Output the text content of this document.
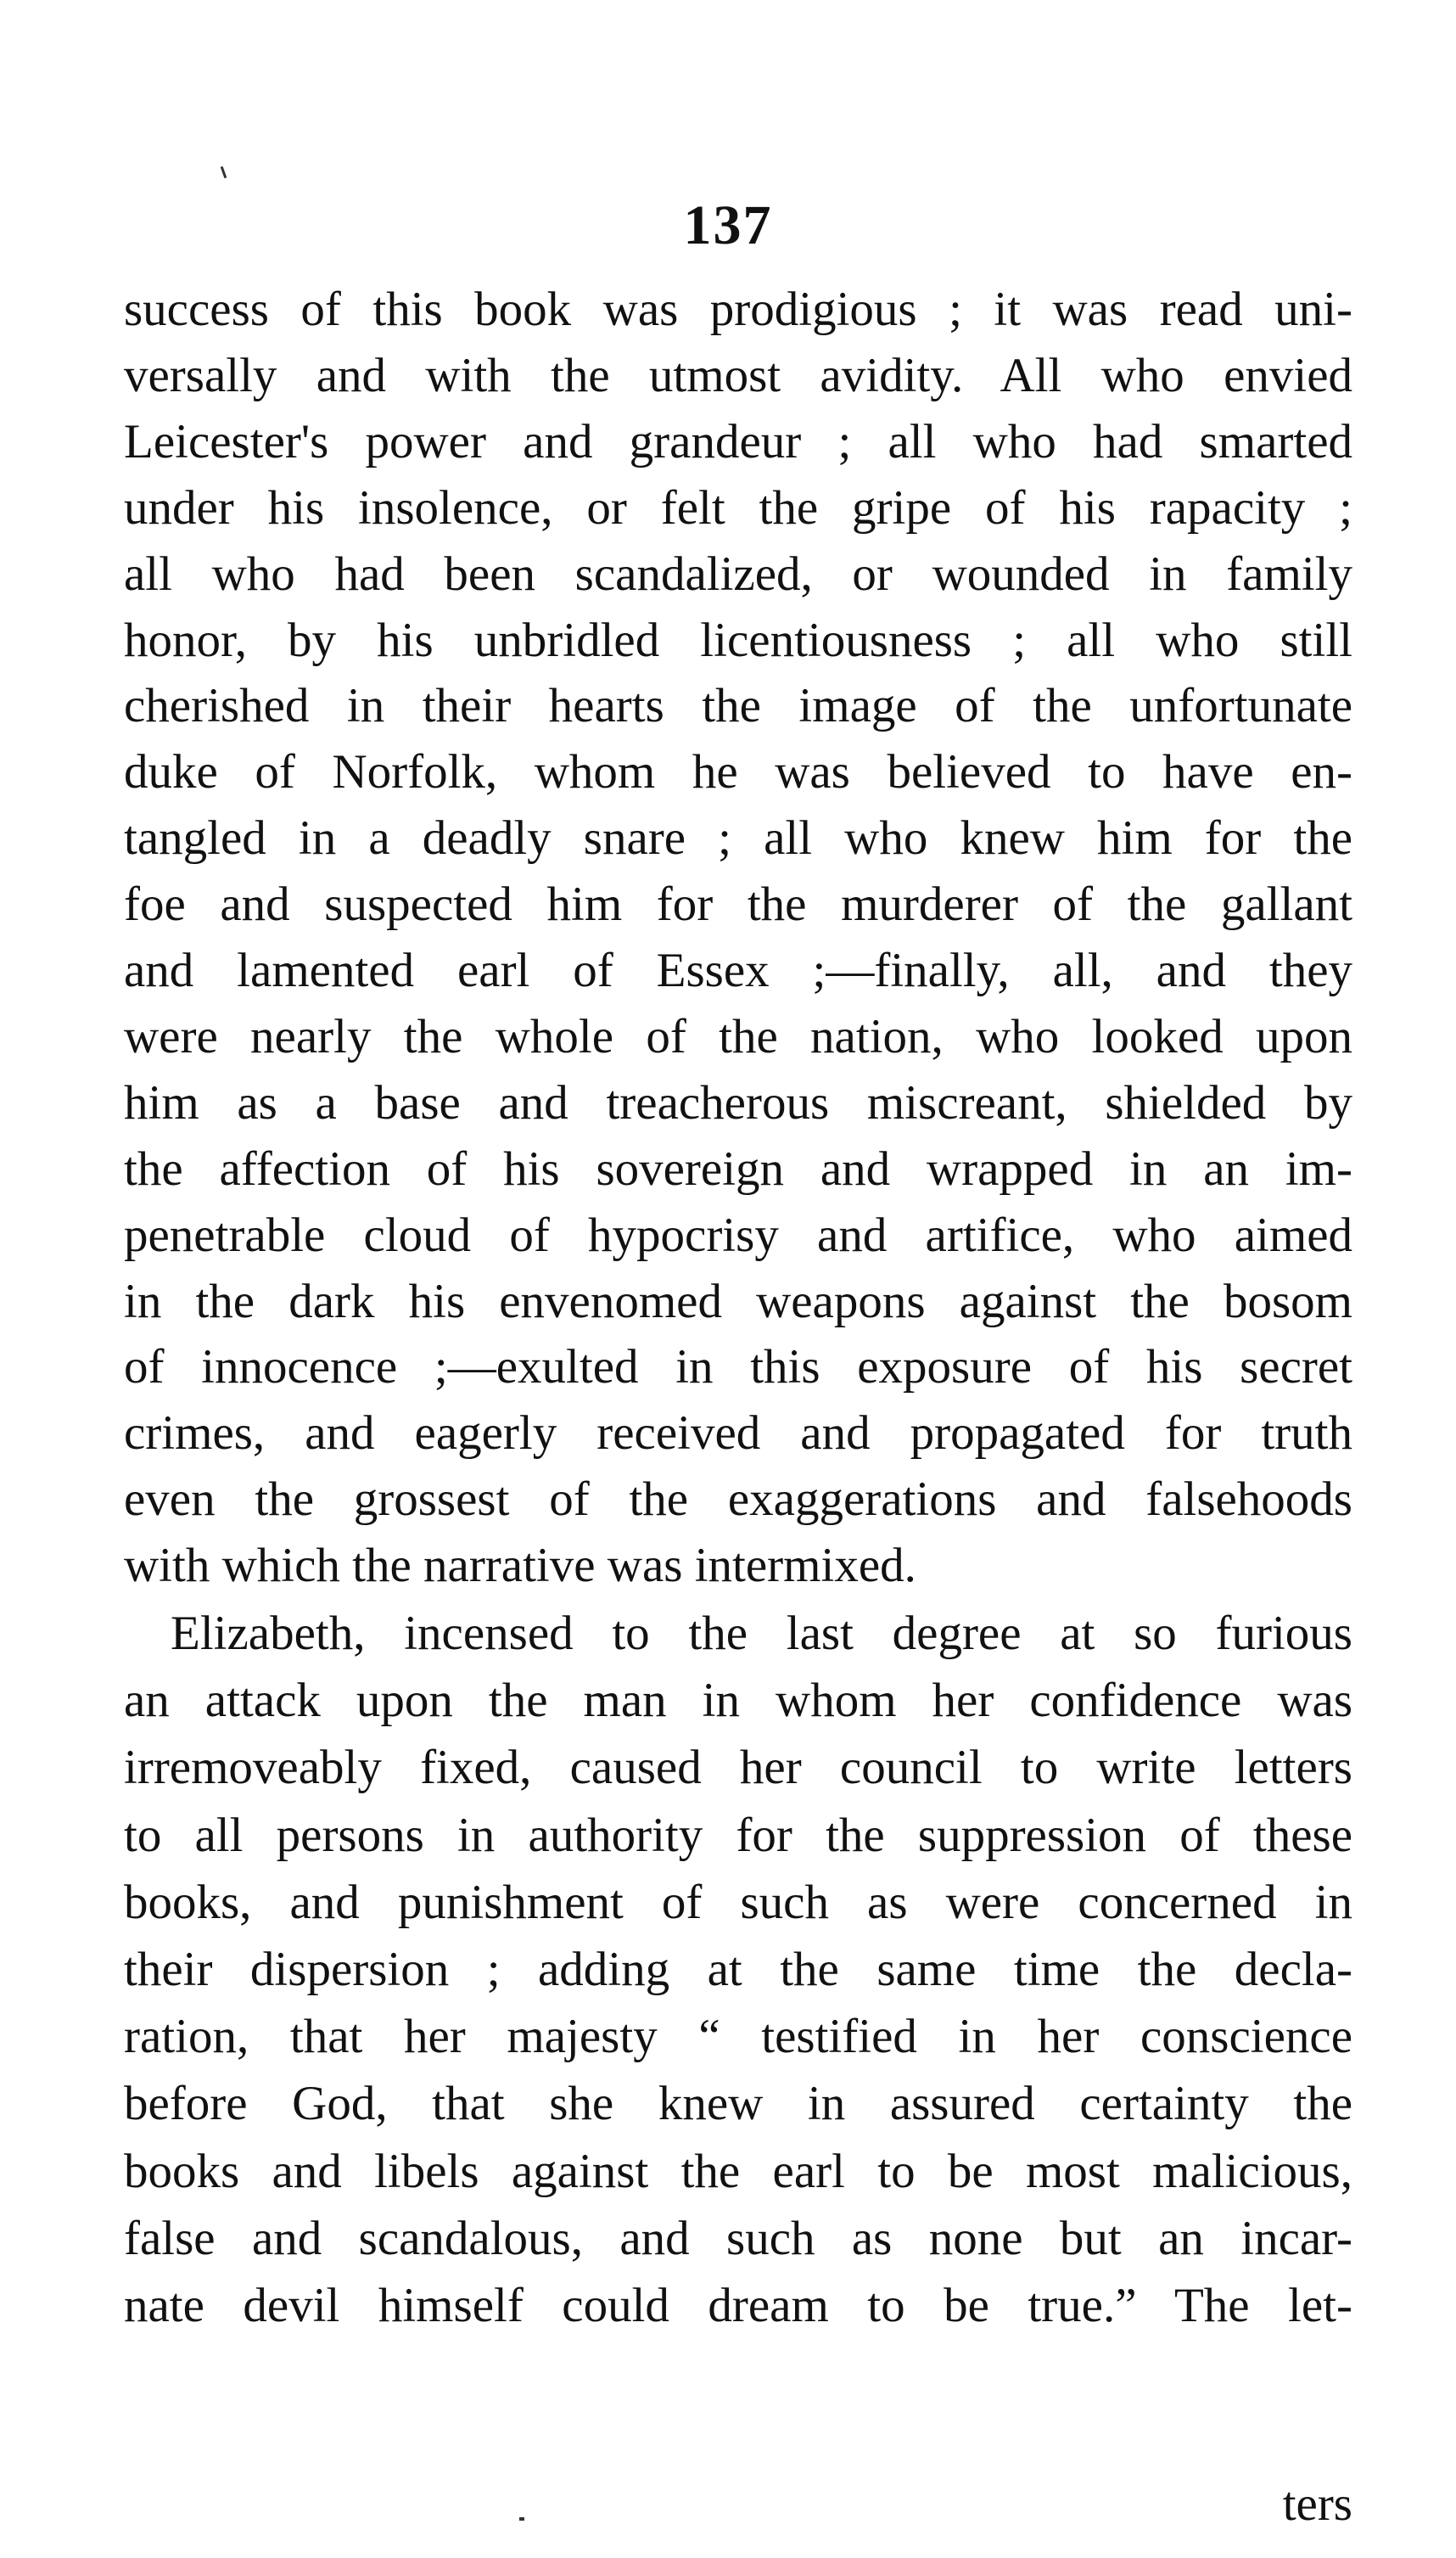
137
success of this book was prodigious ; it was read uni-
versally and with the utmost avidity. All who envied
Leicester's power and grandeur ; all who had smarted
under his insolence, or felt the gripe of his rapacity ;
all who had been scandalized, or wounded in family
honor, by his unbridled licentiousness ; all who still
cherished in their hearts the image of the unfortunate
duke of Norfolk, whom he was believed to have en-
tangled in a deadly snare ; all who knew him for the
foe and suspected him for the murderer of the gallant
and lamented earl of Essex ;—finally, all, and they
were nearly the whole of the nation, who looked upon
him as a base and treacherous miscreant, shielded by
the affection of his sovereign and wrapped in an im-
penetrable cloud of hypocrisy and artifice, who aimed
in the dark his envenomed weapons against the bosom
of innocence ;—exulted in this exposure of his secret
crimes, and eagerly received and propagated for truth
even the grossest of the exaggerations and falsehoods
with which the narrative was intermixed.
Elizabeth, incensed to the last degree at so furious
an attack upon the man in whom her confidence was
irremoveably fixed, caused her council to write letters
to all persons in authority for the suppression of these
books, and punishment of such as were concerned in
their dispersion ; adding at the same time the decla-
ration, that her majesty “ testified in her conscience
before God, that she knew in assured certainty the
books and libels against the earl to be most malicious,
false and scandalous, and such as none but an incar-
nate devil himself could dream to be true.” The let-
ters
